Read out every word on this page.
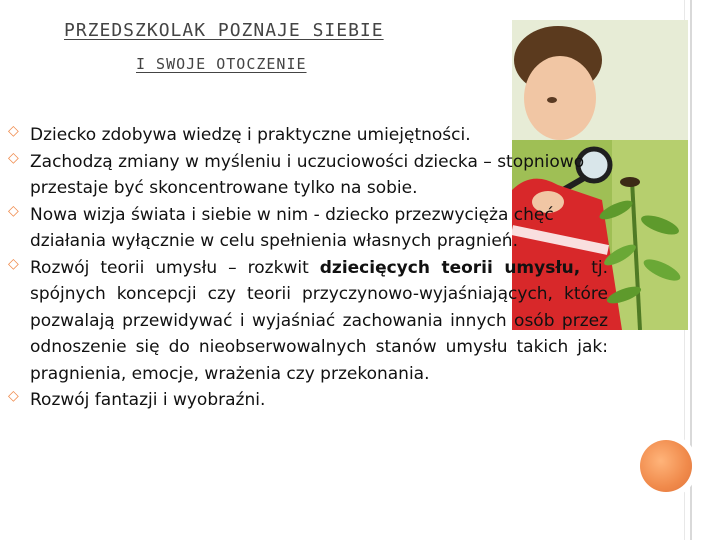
PRZEDSZKOLAK POZNAJE SIEBIE
I SWOJE OTOCZENIE
◇ Dziecko zdobywa wiedzę i praktyczne umiejętności.
◇ Zachodzą zmiany w myśleniu i uczuciowości dziecka – stopniowo przestaje być skoncentrowane tylko na sobie.
◇ Nowa wizja świata i siebie w nim - dziecko przezwycięża chęć działania wyłącznie w celu spełnienia własnych pragnień.
◇ Rozwój teorii umysłu – rozkwit dziecięcych teorii umysłu, tj. spójnych koncepcji czy teorii przyczynowo-wyjaśniających, które pozwalają przewidywać i wyjaśniać zachowania innych osób przez odnoszenie się do nieobserwowalnych stanów umysłu takich jak: pragnienia, emocje, wrażenia czy przekonania.
◇ Rozwój fantazji i wyobraźni.
